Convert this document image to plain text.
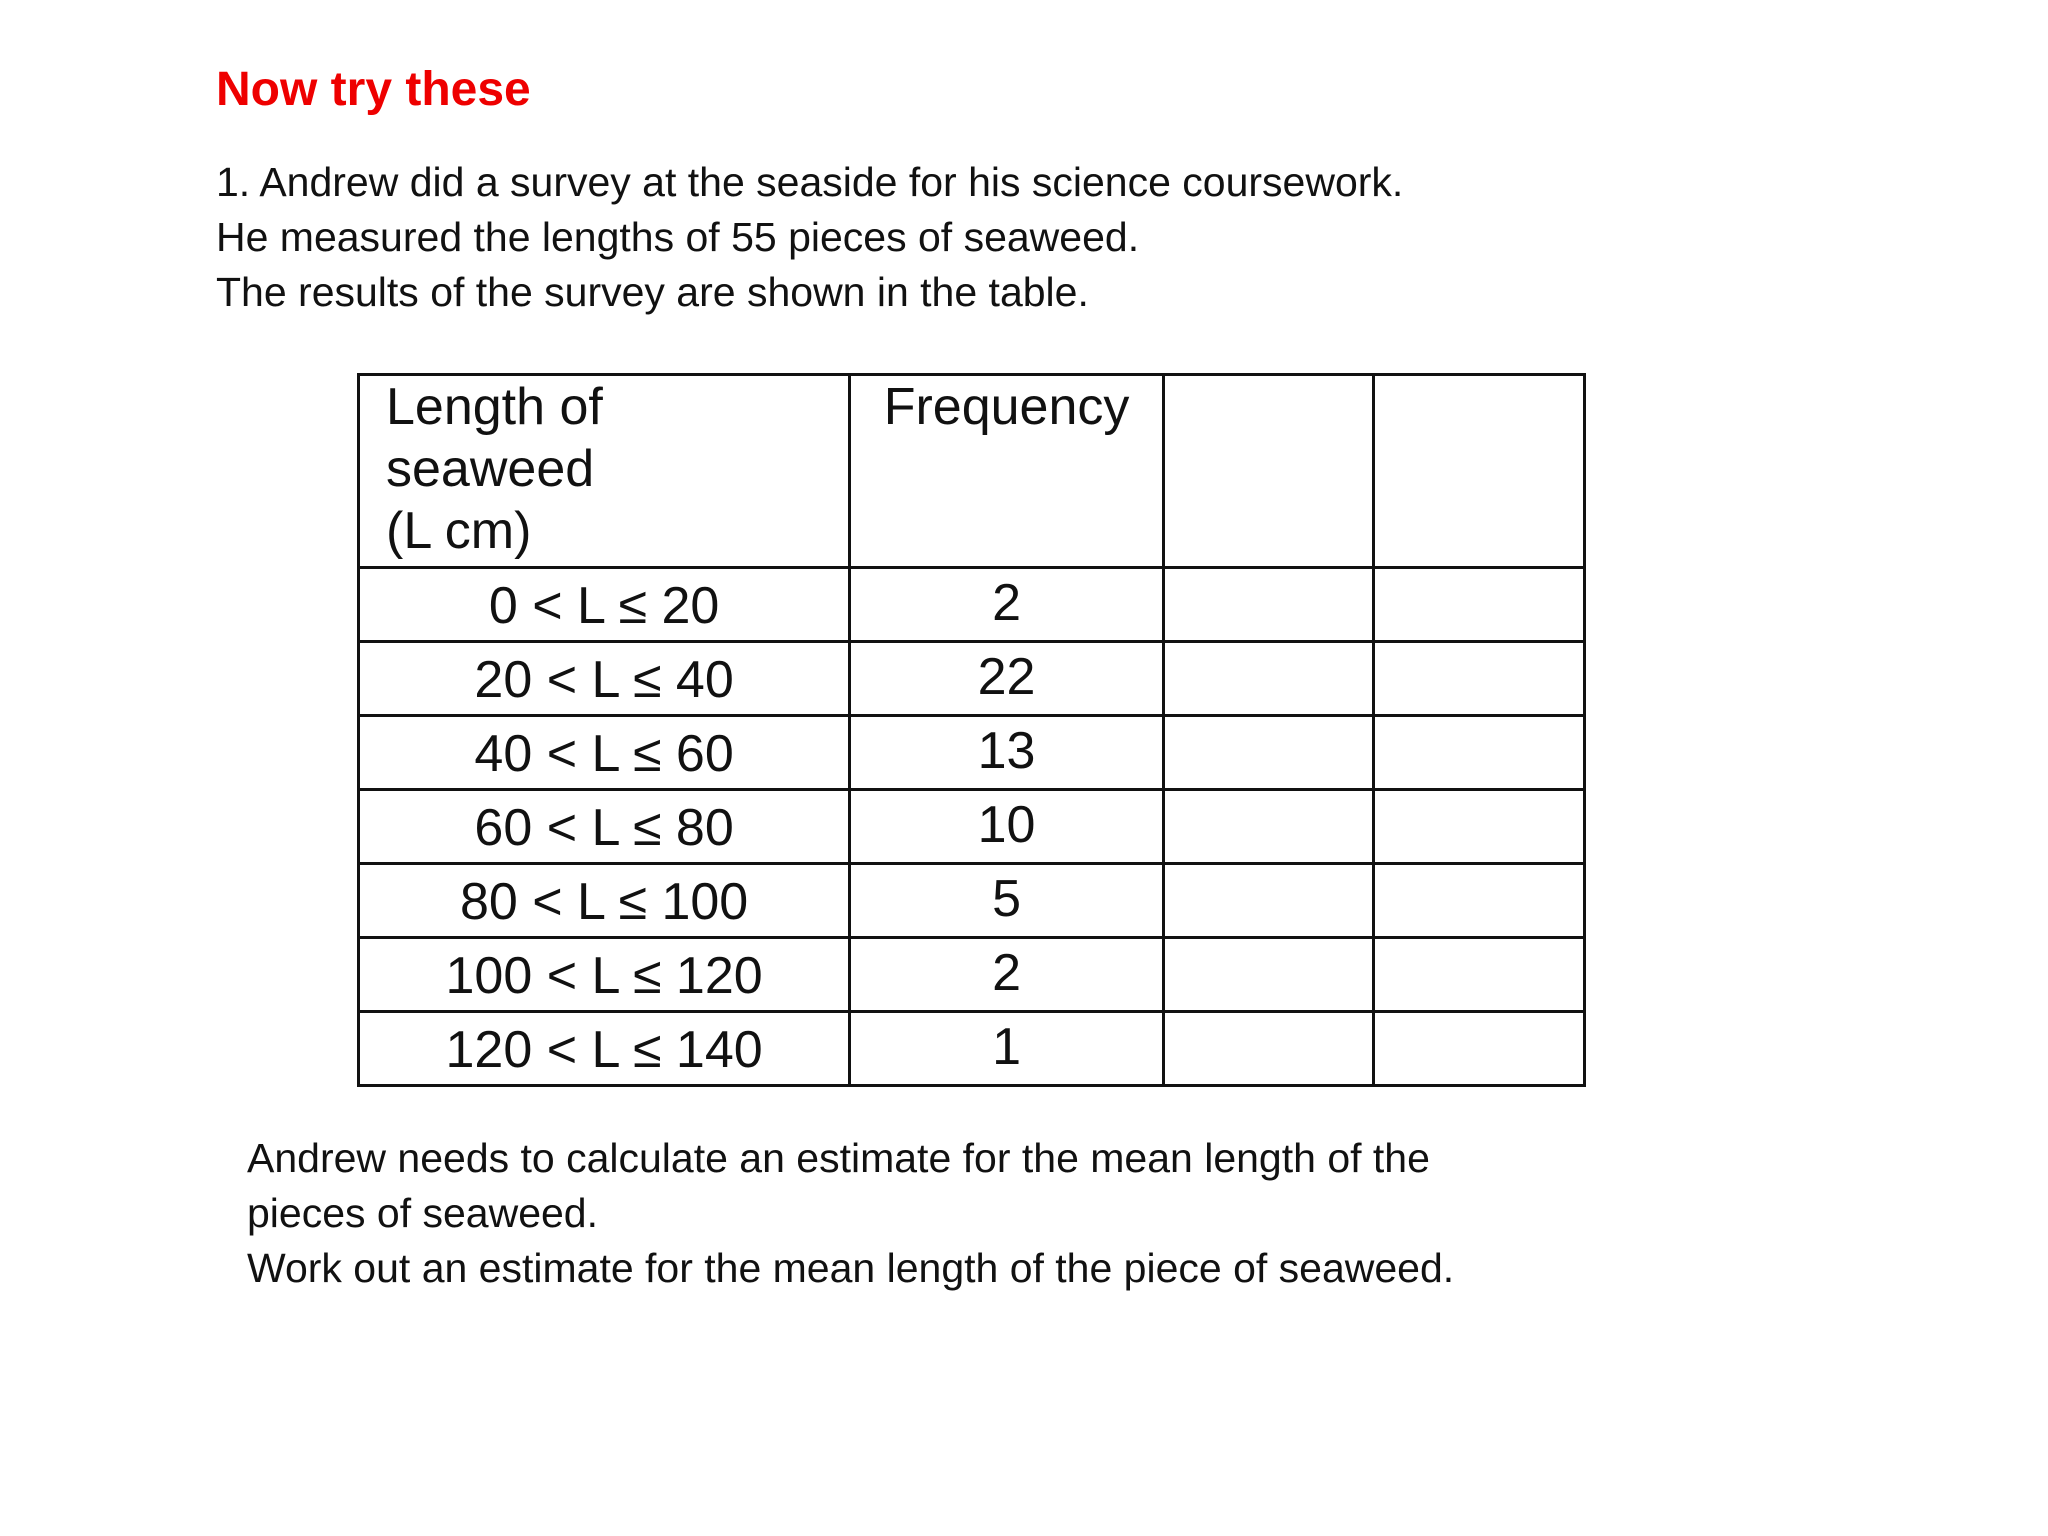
Now try these
1. Andrew did a survey at the seaside for his science coursework.
He measured the lengths of 55 pieces of seaweed.
The results of the survey are shown in the table.
Length of
seaweed
(L cm)	Frequency		
0 < L ≤ 20	2		
20 < L ≤ 40	22		
40 < L ≤ 60	13		
60 < L ≤ 80	10		
80 < L ≤ 100	5		
100 < L ≤ 120	2		
120 < L ≤ 140	1		
Andrew needs to calculate an estimate for the mean length of the
pieces of seaweed.
Work out an estimate for the mean length of the piece of seaweed.
